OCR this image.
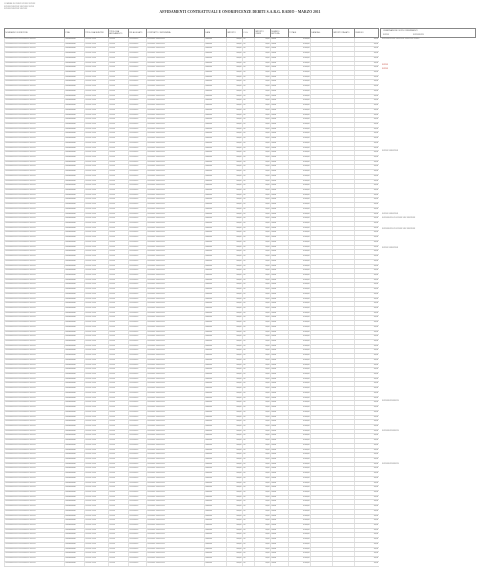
COMUNE DI XXXXX XXXXX XXXXX
XXXXXXXXXXXX XXXXXXX XXXX
XXXXXXXXXXXX XXXXXX
AFFIDAMENTI CONTRATTUALI E ONORIFICENZE DEBITI S.A.R.G. RADIO - MARZO 2011
NOMINATIVO FORNITORE	P.IVA	TIPOLOGIA SERVIZIO	TIPOLOGIA AFFIDAMENTO	RIF. ALLEGATO	CONTRATTO / DETERMINA	DATA	IMPORTO	C.I.G.	IMPORTO ONERI	NUMERO FATTURA	TOTALE	DATA PAG.	IMPORTO PAGATO	RESIDUO
XXXXXXXXXXX XXXXXXXXXX XXXXX	00000000000	XXXXX XXXX	XXXXX	XXXXXXXX	XXXXXXX XXXXXXXX	00/00/00	000,00	00	00,00	00000	0.000,00			00,00
XXXXXXXXXXX XXXXXXXXXX XXXXX	00000000000	XXXXX XXXX	XXXXX	XXXXXXXX	XXXXXXX XXXXXXXX	00/00/00	000,00	00	00,00	00000	0.000,00			00,00
XXXXXXXXXXX XXXXXXXXXX XXXXX	00000000000	XXXXX XXXX	XXXXX	XXXXXXXX	XXXXXXX XXXXXXXX	00/00/00	000,00	00	00,00	00000	0.000,00			00,00
XXXXXXXXXXX XXXXXXXXXX XXXXX	00000000000	XXXXX XXXX	XXXXX	XXXXXXXX	XXXXXXX XXXXXXXX	00/00/00	000,00	00	00,00	00000	0.000,00			00,00
XXXXXXXXXXX XXXXXXXXXX XXXXX	00000000000	XXXXX XXXX	XXXXX	XXXXXXXX	XXXXXXX XXXXXXXX	00/00/00	000,00	00	00,00	00000	0.000,00			00,00
XXXXXXXXXXX XXXXXXXXXX XXXXX	00000000000	XXXXX XXXX	XXXXX	XXXXXXXX	XXXXXXX XXXXXXXX	00/00/00	000,00	00	00,00	00000	0.000,00			00,00
XXXXXXXXXXX XXXXXXXXXX XXXXX	00000000000	XXXXX XXXX	XXXXX	XXXXXXXX	XXXXXXX XXXXXXXX	00/00/00	000,00	00	00,00	00000	0.000,00			00,00
XXXXXXXXXXX XXXXXXXXXX XXXXX	00000000000	XXXXX XXXX	XXXXX	XXXXXXXX	XXXXXXX XXXXXXXX	00/00/00	000,00	00	00,00	00000	0.000,00			00,00
XXXXXXXXXXX XXXXXXXXXX XXXXX	00000000000	XXXXX XXXX	XXXXX	XXXXXXXX	XXXXXXX XXXXXXXX	00/00/00	000,00	00	00,00	00000	0.000,00			00,00
XXXXXXXXXXX XXXXXXXXXX XXXXX	00000000000	XXXXX XXXX	XXXXX	XXXXXXXX	XXXXXXX XXXXXXXX	00/00/00	000,00	00	00,00	00000	0.000,00			00,00
XXXXXXXXXXX XXXXXXXXXX XXXXX	00000000000	XXXXX XXXX	XXXXX	XXXXXXXX	XXXXXXX XXXXXXXX	00/00/00	000,00	00	00,00	00000	0.000,00			00,00
XXXXXXXXXXX XXXXXXXXXX XXXXX	00000000000	XXXXX XXXX	XXXXX	XXXXXXXX	XXXXXXX XXXXXXXX	00/00/00	000,00	00	00,00	00000	0.000,00			00,00
XXXXXXXXXXX XXXXXXXXXX XXXXX	00000000000	XXXXX XXXX	XXXXX	XXXXXXXX	XXXXXXX XXXXXXXX	00/00/00	000,00	00	00,00	00000	0.000,00			00,00
XXXXXXXXXXX XXXXXXXXXX XXXXX	00000000000	XXXXX XXXX	XXXXX	XXXXXXXX	XXXXXXX XXXXXXXX	00/00/00	000,00	00	00,00	00000	0.000,00			00,00
XXXXXXXXXXX XXXXXXXXXX XXXXX	00000000000	XXXXX XXXX	XXXXX	XXXXXXXX	XXXXXXX XXXXXXXX	00/00/00	000,00	00	00,00	00000	0.000,00			00,00
XXXXXXXXXXX XXXXXXXXXX XXXXX	00000000000	XXXXX XXXX	XXXXX	XXXXXXXX	XXXXXXX XXXXXXXX	00/00/00	000,00	00	00,00	00000	0.000,00			00,00
XXXXXXXXXXX XXXXXXXXXX XXXXX	00000000000	XXXXX XXXX	XXXXX	XXXXXXXX	XXXXXXX XXXXXXXX	00/00/00	000,00	00	00,00	00000	0.000,00			00,00
XXXXXXXXXXX XXXXXXXXXX XXXXX	00000000000	XXXXX XXXX	XXXXX	XXXXXXXX	XXXXXXX XXXXXXXX	00/00/00	000,00	00	00,00	00000	0.000,00			00,00
XXXXXXXXXXX XXXXXXXXXX XXXXX	00000000000	XXXXX XXXX	XXXXX	XXXXXXXX	XXXXXXX XXXXXXXX	00/00/00	000,00	00	00,00	00000	0.000,00			00,00
XXXXXXXXXXX XXXXXXXXXX XXXXX	00000000000	XXXXX XXXX	XXXXX	XXXXXXXX	XXXXXXX XXXXXXXX	00/00/00	000,00	00	00,00	00000	0.000,00			00,00
XXXXXXXXXXX XXXXXXXXXX XXXXX	00000000000	XXXXX XXXX	XXXXX	XXXXXXXX	XXXXXXX XXXXXXXX	00/00/00	000,00	00	00,00	00000	0.000,00			00,00
XXXXXXXXXXX XXXXXXXXXX XXXXX	00000000000	XXXXX XXXX	XXXXX	XXXXXXXX	XXXXXXX XXXXXXXX	00/00/00	000,00	00	00,00	00000	0.000,00			00,00
XXXXXXXXXXX XXXXXXXXXX XXXXX	00000000000	XXXXX XXXX	XXXXX	XXXXXXXX	XXXXXXX XXXXXXXX	00/00/00	000,00	00	00,00	00000	0.000,00			00,00
XXXXXXXXXXX XXXXXXXXXX XXXXX	00000000000	XXXXX XXXX	XXXXX	XXXXXXXX	XXXXXXX XXXXXXXX	00/00/00	000,00	00	00,00	00000	0.000,00			00,00
XXXXXXXXXXX XXXXXXXXXX XXXXX	00000000000	XXXXX XXXX	XXXXX	XXXXXXXX	XXXXXXX XXXXXXXX	00/00/00	000,00	00	00,00	00000	0.000,00			00,00
XXXXXXXXXXX XXXXXXXXXX XXXXX	00000000000	XXXXX XXXX	XXXXX	XXXXXXXX	XXXXXXX XXXXXXXX	00/00/00	000,00	00	00,00	00000	0.000,00			00,00
XXXXXXXXXXX XXXXXXXXXX XXXXX	00000000000	XXXXX XXXX	XXXXX	XXXXXXXX	XXXXXXX XXXXXXXX	00/00/00	000,00	00	00,00	00000	0.000,00			00,00
XXXXXXXXXXX XXXXXXXXXX XXXXX	00000000000	XXXXX XXXX	XXXXX	XXXXXXXX	XXXXXXX XXXXXXXX	00/00/00	000,00	00	00,00	00000	0.000,00			00,00
XXXXXXXXXXX XXXXXXXXXX XXXXX	00000000000	XXXXX XXXX	XXXXX	XXXXXXXX	XXXXXXX XXXXXXXX	00/00/00	000,00	00	00,00	00000	0.000,00			00,00
XXXXXXXXXXX XXXXXXXXXX XXXXX	00000000000	XXXXX XXXX	XXXXX	XXXXXXXX	XXXXXXX XXXXXXXX	00/00/00	000,00	00	00,00	00000	0.000,00			00,00
XXXXXXXXXXX XXXXXXXXXX XXXXX	00000000000	XXXXX XXXX	XXXXX	XXXXXXXX	XXXXXXX XXXXXXXX	00/00/00	000,00	00	00,00	00000	0.000,00			00,00
XXXXXXXXXXX XXXXXXXXXX XXXXX	00000000000	XXXXX XXXX	XXXXX	XXXXXXXX	XXXXXXX XXXXXXXX	00/00/00	000,00	00	00,00	00000	0.000,00			00,00
XXXXXXXXXXX XXXXXXXXXX XXXXX	00000000000	XXXXX XXXX	XXXXX	XXXXXXXX	XXXXXXX XXXXXXXX	00/00/00	000,00	00	00,00	00000	0.000,00			00,00
XXXXXXXXXXX XXXXXXXXXX XXXXX	00000000000	XXXXX XXXX	XXXXX	XXXXXXXX	XXXXXXX XXXXXXXX	00/00/00	000,00	00	00,00	00000	0.000,00			00,00
XXXXXXXXXXX XXXXXXXXXX XXXXX	00000000000	XXXXX XXXX	XXXXX	XXXXXXXX	XXXXXXX XXXXXXXX	00/00/00	000,00	00	00,00	00000	0.000,00			00,00
XXXXXXXXXXX XXXXXXXXXX XXXXX	00000000000	XXXXX XXXX	XXXXX	XXXXXXXX	XXXXXXX XXXXXXXX	00/00/00	000,00	00	00,00	00000	0.000,00			00,00
XXXXXXXXXXX XXXXXXXXXX XXXXX	00000000000	XXXXX XXXX	XXXXX	XXXXXXXX	XXXXXXX XXXXXXXX	00/00/00	000,00	00	00,00	00000	0.000,00			00,00
XXXXXXXXXXX XXXXXXXXXX XXXXX	00000000000	XXXXX XXXX	XXXXX	XXXXXXXX	XXXXXXX XXXXXXXX	00/00/00	000,00	00	00,00	00000	0.000,00			00,00
XXXXXXXXXXX XXXXXXXXXX XXXXX	00000000000	XXXXX XXXX	XXXXX	XXXXXXXX	XXXXXXX XXXXXXXX	00/00/00	000,00	00	00,00	00000	0.000,00			00,00
XXXXXXXXXXX XXXXXXXXXX XXXXX	00000000000	XXXXX XXXX	XXXXX	XXXXXXXX	XXXXXXX XXXXXXXX	00/00/00	000,00	00	00,00	00000	0.000,00			00,00
XXXXXXXXXXX XXXXXXXXXX XXXXX	00000000000	XXXXX XXXX	XXXXX	XXXXXXXX	XXXXXXX XXXXXXXX	00/00/00	000,00	00	00,00	00000	0.000,00			00,00
XXXXXXXXXXX XXXXXXXXXX XXXXX	00000000000	XXXXX XXXX	XXXXX	XXXXXXXX	XXXXXXX XXXXXXXX	00/00/00	000,00	00	00,00	00000	0.000,00			00,00
XXXXXXXXXXX XXXXXXXXXX XXXXX	00000000000	XXXXX XXXX	XXXXX	XXXXXXXX	XXXXXXX XXXXXXXX	00/00/00	000,00	00	00,00	00000	0.000,00			00,00
XXXXXXXXXXX XXXXXXXXXX XXXXX	00000000000	XXXXX XXXX	XXXXX	XXXXXXXX	XXXXXXX XXXXXXXX	00/00/00	000,00	00	00,00	00000	0.000,00			00,00
XXXXXXXXXXX XXXXXXXXXX XXXXX	00000000000	XXXXX XXXX	XXXXX	XXXXXXXX	XXXXXXX XXXXXXXX	00/00/00	000,00	00	00,00	00000	0.000,00			00,00
XXXXXXXXXXX XXXXXXXXXX XXXXX	00000000000	XXXXX XXXX	XXXXX	XXXXXXXX	XXXXXXX XXXXXXXX	00/00/00	000,00	00	00,00	00000	0.000,00			00,00
XXXXXXXXXXX XXXXXXXXXX XXXXX	00000000000	XXXXX XXXX	XXXXX	XXXXXXXX	XXXXXXX XXXXXXXX	00/00/00	000,00	00	00,00	00000	0.000,00			00,00
XXXXXXXXXXX XXXXXXXXXX XXXXX	00000000000	XXXXX XXXX	XXXXX	XXXXXXXX	XXXXXXX XXXXXXXX	00/00/00	000,00	00	00,00	00000	0.000,00			00,00
XXXXXXXXXXX XXXXXXXXXX XXXXX	00000000000	XXXXX XXXX	XXXXX	XXXXXXXX	XXXXXXX XXXXXXXX	00/00/00	000,00	00	00,00	00000	0.000,00			00,00
XXXXXXXXXXX XXXXXXXXXX XXXXX	00000000000	XXXXX XXXX	XXXXX	XXXXXXXX	XXXXXXX XXXXXXXX	00/00/00	000,00	00	00,00	00000	0.000,00			00,00
XXXXXXXXXXX XXXXXXXXXX XXXXX	00000000000	XXXXX XXXX	XXXXX	XXXXXXXX	XXXXXXX XXXXXXXX	00/00/00	000,00	00	00,00	00000	0.000,00			00,00
XXXXXXXXXXX XXXXXXXXXX XXXXX	00000000000	XXXXX XXXX	XXXXX	XXXXXXXX	XXXXXXX XXXXXXXX	00/00/00	000,00	00	00,00	00000	0.000,00			00,00
XXXXXXXXXXX XXXXXXXXXX XXXXX	00000000000	XXXXX XXXX	XXXXX	XXXXXXXX	XXXXXXX XXXXXXXX	00/00/00	000,00	00	00,00	00000	0.000,00			00,00
XXXXXXXXXXX XXXXXXXXXX XXXXX	00000000000	XXXXX XXXX	XXXXX	XXXXXXXX	XXXXXXX XXXXXXXX	00/00/00	000,00	00	00,00	00000	0.000,00			00,00
XXXXXXXXXXX XXXXXXXXXX XXXXX	00000000000	XXXXX XXXX	XXXXX	XXXXXXXX	XXXXXXX XXXXXXXX	00/00/00	000,00	00	00,00	00000	0.000,00			00,00
XXXXXXXXXXX XXXXXXXXXX XXXXX	00000000000	XXXXX XXXX	XXXXX	XXXXXXXX	XXXXXXX XXXXXXXX	00/00/00	000,00	00	00,00	00000	0.000,00			00,00
XXXXXXXXXXX XXXXXXXXXX XXXXX	00000000000	XXXXX XXXX	XXXXX	XXXXXXXX	XXXXXXX XXXXXXXX	00/00/00	000,00	00	00,00	00000	0.000,00			00,00
XXXXXXXXXXX XXXXXXXXXX XXXXX	00000000000	XXXXX XXXX	XXXXX	XXXXXXXX	XXXXXXX XXXXXXXX	00/00/00	000,00	00	00,00	00000	0.000,00			00,00
XXXXXXXXXXX XXXXXXXXXX XXXXX	00000000000	XXXXX XXXX	XXXXX	XXXXXXXX	XXXXXXX XXXXXXXX	00/00/00	000,00	00	00,00	00000	0.000,00			00,00
XXXXXXXXXXX XXXXXXXXXX XXXXX	00000000000	XXXXX XXXX	XXXXX	XXXXXXXX	XXXXXXX XXXXXXXX	00/00/00	000,00	00	00,00	00000	0.000,00			00,00
XXXXXXXXXXX XXXXXXXXXX XXXXX	00000000000	XXXXX XXXX	XXXXX	XXXXXXXX	XXXXXXX XXXXXXXX	00/00/00	000,00	00	00,00	00000	0.000,00			00,00
XXXXXXXXXXX XXXXXXXXXX XXXXX	00000000000	XXXXX XXXX	XXXXX	XXXXXXXX	XXXXXXX XXXXXXXX	00/00/00	000,00	00	00,00	00000	0.000,00			00,00
XXXXXXXXXXX XXXXXXXXXX XXXXX	00000000000	XXXXX XXXX	XXXXX	XXXXXXXX	XXXXXXX XXXXXXXX	00/00/00	000,00	00	00,00	00000	0.000,00			00,00
XXXXXXXXXXX XXXXXXXXXX XXXXX	00000000000	XXXXX XXXX	XXXXX	XXXXXXXX	XXXXXXX XXXXXXXX	00/00/00	000,00	00	00,00	00000	0.000,00			00,00
XXXXXXXXXXX XXXXXXXXXX XXXXX	00000000000	XXXXX XXXX	XXXXX	XXXXXXXX	XXXXXXX XXXXXXXX	00/00/00	000,00	00	00,00	00000	0.000,00			00,00
XXXXXXXXXXX XXXXXXXXXX XXXXX	00000000000	XXXXX XXXX	XXXXX	XXXXXXXX	XXXXXXX XXXXXXXX	00/00/00	000,00	00	00,00	00000	0.000,00			00,00
XXXXXXXXXXX XXXXXXXXXX XXXXX	00000000000	XXXXX XXXX	XXXXX	XXXXXXXX	XXXXXXX XXXXXXXX	00/00/00	000,00	00	00,00	00000	0.000,00			00,00
XXXXXXXXXXX XXXXXXXXXX XXXXX	00000000000	XXXXX XXXX	XXXXX	XXXXXXXX	XXXXXXX XXXXXXXX	00/00/00	000,00	00	00,00	00000	0.000,00			00,00
XXXXXXXXXXX XXXXXXXXXX XXXXX	00000000000	XXXXX XXXX	XXXXX	XXXXXXXX	XXXXXXX XXXXXXXX	00/00/00	000,00	00	00,00	00000	0.000,00			00,00
XXXXXXXXXXX XXXXXXXXXX XXXXX	00000000000	XXXXX XXXX	XXXXX	XXXXXXXX	XXXXXXX XXXXXXXX	00/00/00	000,00	00	00,00	00000	0.000,00			00,00
XXXXXXXXXXX XXXXXXXXXX XXXXX	00000000000	XXXXX XXXX	XXXXX	XXXXXXXX	XXXXXXX XXXXXXXX	00/00/00	000,00	00	00,00	00000	0.000,00			00,00
XXXXXXXXXXX XXXXXXXXXX XXXXX	00000000000	XXXXX XXXX	XXXXX	XXXXXXXX	XXXXXXX XXXXXXXX	00/00/00	000,00	00	00,00	00000	0.000,00			00,00
XXXXXXXXXXX XXXXXXXXXX XXXXX	00000000000	XXXXX XXXX	XXXXX	XXXXXXXX	XXXXXXX XXXXXXXX	00/00/00	000,00	00	00,00	00000	0.000,00			00,00
XXXXXXXXXXX XXXXXXXXXX XXXXX	00000000000	XXXXX XXXX	XXXXX	XXXXXXXX	XXXXXXX XXXXXXXX	00/00/00	000,00	00	00,00	00000	0.000,00			00,00
XXXXXXXXXXX XXXXXXXXXX XXXXX	00000000000	XXXXX XXXX	XXXXX	XXXXXXXX	XXXXXXX XXXXXXXX	00/00/00	000,00	00	00,00	00000	0.000,00			00,00
XXXXXXXXXXX XXXXXXXXXX XXXXX	00000000000	XXXXX XXXX	XXXXX	XXXXXXXX	XXXXXXX XXXXXXXX	00/00/00	000,00	00	00,00	00000	0.000,00			00,00
XXXXXXXXXXX XXXXXXXXXX XXXXX	00000000000	XXXXX XXXX	XXXXX	XXXXXXXX	XXXXXXX XXXXXXXX	00/00/00	000,00	00	00,00	00000	0.000,00			00,00
XXXXXXXXXXX XXXXXXXXXX XXXXX	00000000000	XXXXX XXXX	XXXXX	XXXXXXXX	XXXXXXX XXXXXXXX	00/00/00	000,00	00	00,00	00000	0.000,00			00,00
XXXXXXXXXXX XXXXXXXXXX XXXXX	00000000000	XXXXX XXXX	XXXXX	XXXXXXXX	XXXXXXX XXXXXXXX	00/00/00	000,00	00	00,00	00000	0.000,00			00,00
XXXXXXXXXXX XXXXXXXXXX XXXXX	00000000000	XXXXX XXXX	XXXXX	XXXXXXXX	XXXXXXX XXXXXXXX	00/00/00	000,00	00	00,00	00000	0.000,00			00,00
XXXXXXXXXXX XXXXXXXXXX XXXXX	00000000000	XXXXX XXXX	XXXXX	XXXXXXXX	XXXXXXX XXXXXXXX	00/00/00	000,00	00	00,00	00000	0.000,00			00,00
XXXXXXXXXXX XXXXXXXXXX XXXXX	00000000000	XXXXX XXXX	XXXXX	XXXXXXXX	XXXXXXX XXXXXXXX	00/00/00	000,00	00	00,00	00000	0.000,00			00,00
XXXXXXXXXXX XXXXXXXXXX XXXXX	00000000000	XXXXX XXXX	XXXXX	XXXXXXXX	XXXXXXX XXXXXXXX	00/00/00	000,00	00	00,00	00000	0.000,00			00,00
XXXXXXXXXXX XXXXXXXXXX XXXXX	00000000000	XXXXX XXXX	XXXXX	XXXXXXXX	XXXXXXX XXXXXXXX	00/00/00	000,00	00	00,00	00000	0.000,00			00,00
XXXXXXXXXXX XXXXXXXXXX XXXXX	00000000000	XXXXX XXXX	XXXXX	XXXXXXXX	XXXXXXX XXXXXXXX	00/00/00	000,00	00	00,00	00000	0.000,00			00,00
XXXXXXXXXXX XXXXXXXXXX XXXXX	00000000000	XXXXX XXXX	XXXXX	XXXXXXXX	XXXXXXX XXXXXXXX	00/00/00	000,00	00	00,00	00000	0.000,00			00,00
XXXXXXXXXXX XXXXXXXXXX XXXXX	00000000000	XXXXX XXXX	XXXXX	XXXXXXXX	XXXXXXX XXXXXXXX	00/00/00	000,00	00	00,00	00000	0.000,00			00,00
XXXXXXXXXXX XXXXXXXXXX XXXXX	00000000000	XXXXX XXXX	XXXXX	XXXXXXXX	XXXXXXX XXXXXXXX	00/00/00	000,00	00	00,00	00000	0.000,00			00,00
XXXXXXXXXXX XXXXXXXXXX XXXXX	00000000000	XXXXX XXXX	XXXXX	XXXXXXXX	XXXXXXX XXXXXXXX	00/00/00	000,00	00	00,00	00000	0.000,00			00,00
XXXXXXXXXXX XXXXXXXXXX XXXXX	00000000000	XXXXX XXXX	XXXXX	XXXXXXXX	XXXXXXX XXXXXXXX	00/00/00	000,00	00	00,00	00000	0.000,00			00,00
XXXXXXXXXXX XXXXXXXXXX XXXXX	00000000000	XXXXX XXXX	XXXXX	XXXXXXXX	XXXXXXX XXXXXXXX	00/00/00	000,00	00	00,00	00000	0.000,00			00,00
XXXXXXXXXXX XXXXXXXXXX XXXXX	00000000000	XXXXX XXXX	XXXXX	XXXXXXXX	XXXXXXX XXXXXXXX	00/00/00	000,00	00	00,00	00000	0.000,00			00,00
XXXXXXXXXXX XXXXXXXXXX XXXXX	00000000000	XXXXX XXXX	XXXXX	XXXXXXXX	XXXXXXX XXXXXXXX	00/00/00	000,00	00	00,00	00000	0.000,00			00,00
XXXXXXXXXXX XXXXXXXXXX XXXXX	00000000000	XXXXX XXXX	XXXXX	XXXXXXXX	XXXXXXX XXXXXXXX	00/00/00	000,00	00	00,00	00000	0.000,00			00,00
XXXXXXXXXXX XXXXXXXXXX XXXXX	00000000000	XXXXX XXXX	XXXXX	XXXXXXXX	XXXXXXX XXXXXXXX	00/00/00	000,00	00	00,00	00000	0.000,00			00,00
XXXXXXXXXXX XXXXXXXXXX XXXXX	00000000000	XXXXX XXXX	XXXXX	XXXXXXXX	XXXXXXX XXXXXXXX	00/00/00	000,00	00	00,00	00000	0.000,00			00,00
XXXXXXXXXXX XXXXXXXXXX XXXXX	00000000000	XXXXX XXXX	XXXXX	XXXXXXXX	XXXXXXX XXXXXXXX	00/00/00	000,00	00	00,00	00000	0.000,00			00,00
XXXXXXXXXXX XXXXXXXXXX XXXXX	00000000000	XXXXX XXXX	XXXXX	XXXXXXXX	XXXXXXX XXXXXXXX	00/00/00	000,00	00	00,00	00000	0.000,00			00,00
XXXXXXXXXXX XXXXXXXXXX XXXXX	00000000000	XXXXX XXXX	XXXXX	XXXXXXXX	XXXXXXX XXXXXXXX	00/00/00	000,00	00	00,00	00000	0.000,00			00,00
XXXXXXXXXXX XXXXXXXXXX XXXXX	00000000000	XXXXX XXXX	XXXXX	XXXXXXXX	XXXXXXX XXXXXXXX	00/00/00	000,00	00	00,00	00000	0.000,00			00,00
XXXXXXXXXXX XXXXXXXXXX XXXXX	00000000000	XXXXX XXXX	XXXXX	XXXXXXXX	XXXXXXX XXXXXXXX	00/00/00	000,00	00	00,00	00000	0.000,00			00,00
XXXXXXXXXXX XXXXXXXXXX XXXXX	00000000000	XXXXX XXXX	XXXXX	XXXXXXXX	XXXXXXX XXXXXXXX	00/00/00	000,00	00	00,00	00000	0.000,00			00,00
XXXXXXXXXXX XXXXXXXXXX XXXXX	00000000000	XXXXX XXXX	XXXXX	XXXXXXXX	XXXXXXX XXXXXXXX	00/00/00	000,00	00	00,00	00000	0.000,00			00,00
XXXXXXXXXXX XXXXXXXXXX XXXXX	00000000000	XXXXX XXXX	XXXXX	XXXXXXXX	XXXXXXX XXXXXXXX	00/00/00	000,00	00	00,00	00000	0.000,00			00,00
XXXXXXXXXXX XXXXXXXXXX XXXXX	00000000000	XXXXX XXXX	XXXXX	XXXXXXXX	XXXXXXX XXXXXXXX	00/00/00	000,00	00	00,00	00000	0.000,00			00,00
XXXXXXXXXXX XXXXXXXXXX XXXXX	00000000000	XXXXX XXXX	XXXXX	XXXXXXXX	XXXXXXX XXXXXXXX	00/00/00	000,00	00	00,00	00000	0.000,00			00,00
XXXXXXXXXXX XXXXXXXXXX XXXXX	00000000000	XXXXX XXXX	XXXXX	XXXXXXXX	XXXXXXX XXXXXXXX	00/00/00	000,00	00	00,00	00000	0.000,00			00,00
XXXXXXXXXXX XXXXXXXXXX XXXXX	00000000000	XXXXX XXXX	XXXXX	XXXXXXXX	XXXXXXX XXXXXXXX	00/00/00	000,00	00	00,00	00000	0.000,00			00,00
XXXXXXXXXXX XXXXXXXXXX XXXXX	00000000000	XXXXX XXXX	XXXXX	XXXXXXXX	XXXXXXX XXXXXXXX	00/00/00	000,00	00	00,00	00000	0.000,00			00,00
XXXXXXXXXXX XXXXXXXXXX XXXXX	00000000000	XXXXX XXXX	XXXXX	XXXXXXXX	XXXXXXX XXXXXXXX	00/00/00	000,00	00	00,00	00000	0.000,00			00,00
XXXXXXXXXXX XXXXXXXXXX XXXXX	00000000000	XXXXX XXXX	XXXXX	XXXXXXXX	XXXXXXX XXXXXXXX	00/00/00	000,00	00	00,00	00000	0.000,00			00,00
XXXXXXXXXXX XXXXXXXXXX XXXXX	00000000000	XXXXX XXXX	XXXXX	XXXXXXXX	XXXXXXX XXXXXXXX	00/00/00	000,00	00	00,00	00000	0.000,00			00,00
OSSERVAZIONI / NOTE / RIFERIMENTI
XXXXX	XXXXXXXXX
XXXXXXXXXXX XXXXXXX XXXXXXX XXXXX
XXXXX
XXXXX
XXXXX XXXXXXXX
XXXXX XXXXXXXX
XXXXXXXXX XX XXXXX XXX XXXXXXX
XXXXXXXXX XX XXXXX XXX XXXXXXX
XXXXX XXXXXXXX
XXXXXXXXXXXXXX
XXXXXXXXXXXXXX
XXXXXXXXXXXXXX
